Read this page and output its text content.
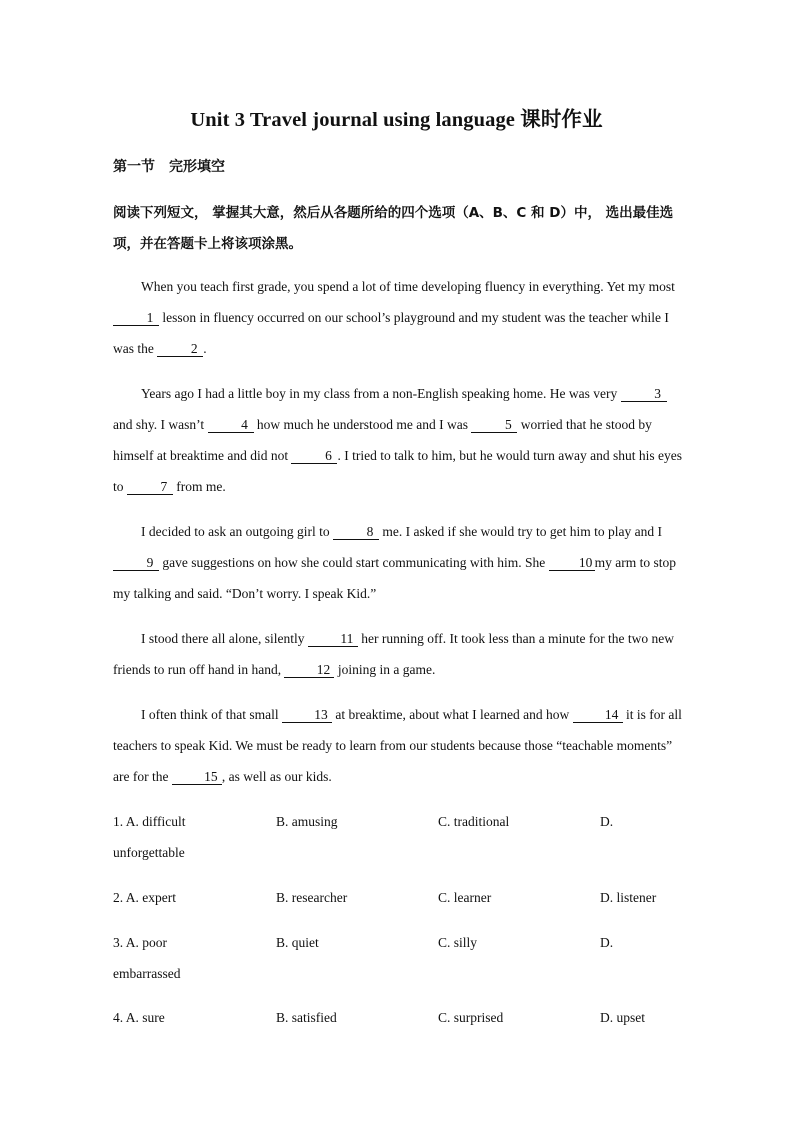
Unit 3 Travel journal using language 课时作业
第一节　完形填空
阅读下列短文， 掌握其大意，然后从各题所给的四个选项（A、B、C 和 D）中， 选出最佳选项，并在答题卡上将该项涂黑。

When you teach first grade, you spend a lot of time developing fluency in everything. Yet my most 1 lesson in fluency occurred on our school’s playground and my student was the teacher while I was the	2 .

Years ago I had a little boy in my class from a non-English speaking home. He was very	3 and shy. I wasn’t	4 how much he understood me and I was	5 worried that he stood by himself at breaktime and did not	6 . I tried to talk to him, but he would turn away and shut his eyes to	7 from me.

I decided to ask an outgoing girl to	8 me. I asked if she would try to get him to play and I 9 gave suggestions on how she could start communicating with him. She 10 my arm to stop my talking and said. “Don’t worry. I speak Kid.”

I stood there all alone, silently	11 her running off. It took less than a minute for the two new friends to run off hand in hand,	12 joining in a game.

I often think of that small	13 at breaktime, about what I learned and how	14 it is for all teachers to speak Kid. We must be ready to learn from our students because those “teachable moments” are for the	15 , as well as our kids.

1. A. difficult	B. amusing	C. traditional	D.
unforgettable
2. A. expert	B. researcher	C. learner	D. listener
3. A. poor	B. quiet	C. silly	D.
embarrassed
4. A. sure	B. satisfied	C. surprised	D. upset
